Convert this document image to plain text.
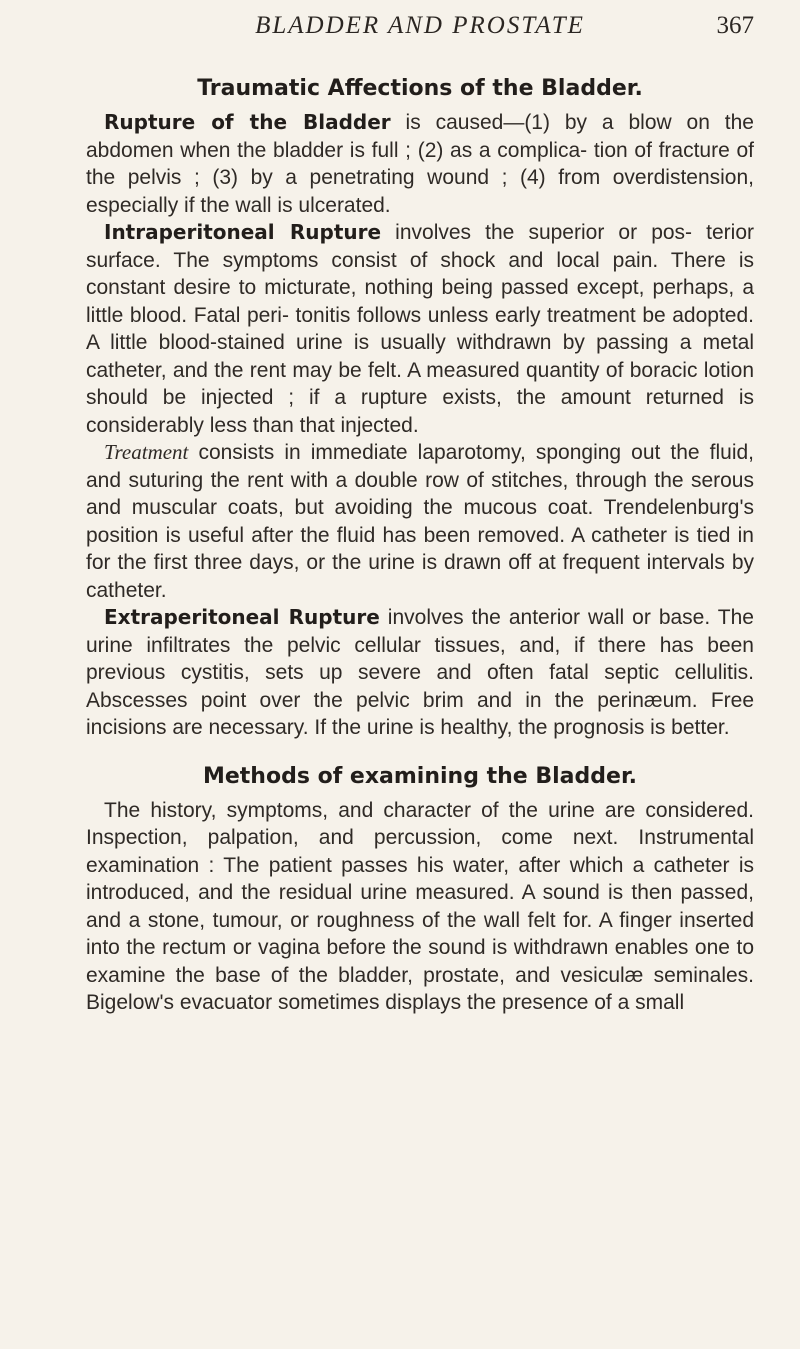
BLADDER AND PROSTATE	367
Traumatic Affections of the Bladder.

Rupture of the Bladder is caused—(1) by a blow on the abdomen when the bladder is full ; (2) as a complica- tion of fracture of the pelvis ; (3) by a penetrating wound ; (4) from overdistension, especially if the wall is ulcerated.

Intraperitoneal Rupture involves the superior or pos- terior surface. The symptoms consist of shock and local pain. There is constant desire to micturate, nothing being passed except, perhaps, a little blood. Fatal peri- tonitis follows unless early treatment be adopted. A little blood-stained urine is usually withdrawn by passing a metal catheter, and the rent may be felt. A measured quantity of boracic lotion should be injected ; if a rupture exists, the amount returned is considerably less than that injected.

Treatment consists in immediate laparotomy, sponging out the fluid, and suturing the rent with a double row of stitches, through the serous and muscular coats, but avoiding the mucous coat. Trendelenburg's position is useful after the fluid has been removed. A catheter is tied in for the first three days, or the urine is drawn off at frequent intervals by catheter.

Extraperitoneal Rupture involves the anterior wall or base. The urine infiltrates the pelvic cellular tissues, and, if there has been previous cystitis, sets up severe and often fatal septic cellulitis. Abscesses point over the pelvic brim and in the perinæum. Free incisions are necessary. If the urine is healthy, the prognosis is better.

Methods of examining the Bladder.

The history, symptoms, and character of the urine are considered. Inspection, palpation, and percussion, come next. Instrumental examination : The patient passes his water, after which a catheter is introduced, and the residual urine measured. A sound is then passed, and a stone, tumour, or roughness of the wall felt for. A finger inserted into the rectum or vagina before the sound is withdrawn enables one to examine the base of the bladder, prostate, and vesiculæ seminales. Bigelow's evacuator sometimes displays the presence of a small
